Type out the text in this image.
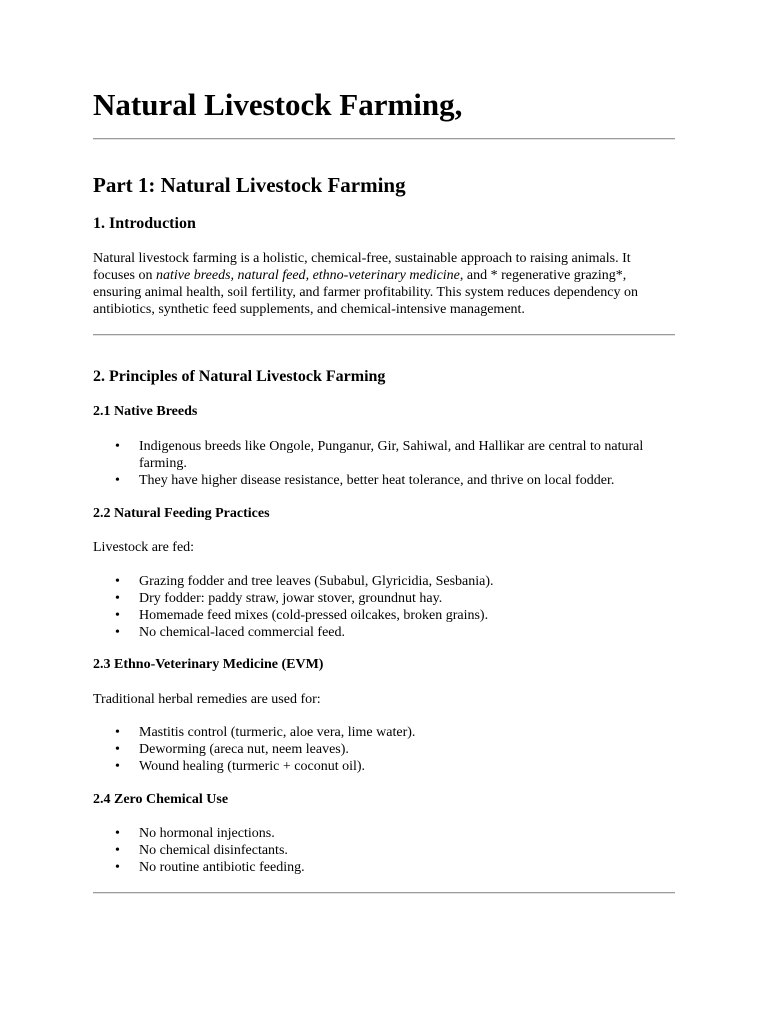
Natural Livestock Farming,
Part 1: Natural Livestock Farming
1. Introduction

Natural livestock farming is a holistic, chemical-free, sustainable approach to raising animals. It focuses on native breeds, natural feed, ethno-veterinary medicine, and * regenerative grazing*, ensuring animal health, soil fertility, and farmer profitability. This system reduces dependency on antibiotics, synthetic feed supplements, and chemical-intensive management.

2. Principles of Natural Livestock Farming
2.1 Native Breeds
• Indigenous breeds like Ongole, Punganur, Gir, Sahiwal, and Hallikar are central to natural farming.
• They have higher disease resistance, better heat tolerance, and thrive on local fodder.
2.2 Natural Feeding Practices

Livestock are fed:

• Grazing fodder and tree leaves (Subabul, Glyricidia, Sesbania).
• Dry fodder: paddy straw, jowar stover, groundnut hay.
• Homemade feed mixes (cold-pressed oilcakes, broken grains).
• No chemical-laced commercial feed.
2.3 Ethno-Veterinary Medicine (EVM)

Traditional herbal remedies are used for:

• Mastitis control (turmeric, aloe vera, lime water).
• Deworming (areca nut, neem leaves).
• Wound healing (turmeric + coconut oil).
2.4 Zero Chemical Use
• No hormonal injections.
• No chemical disinfectants.
• No routine antibiotic feeding.
